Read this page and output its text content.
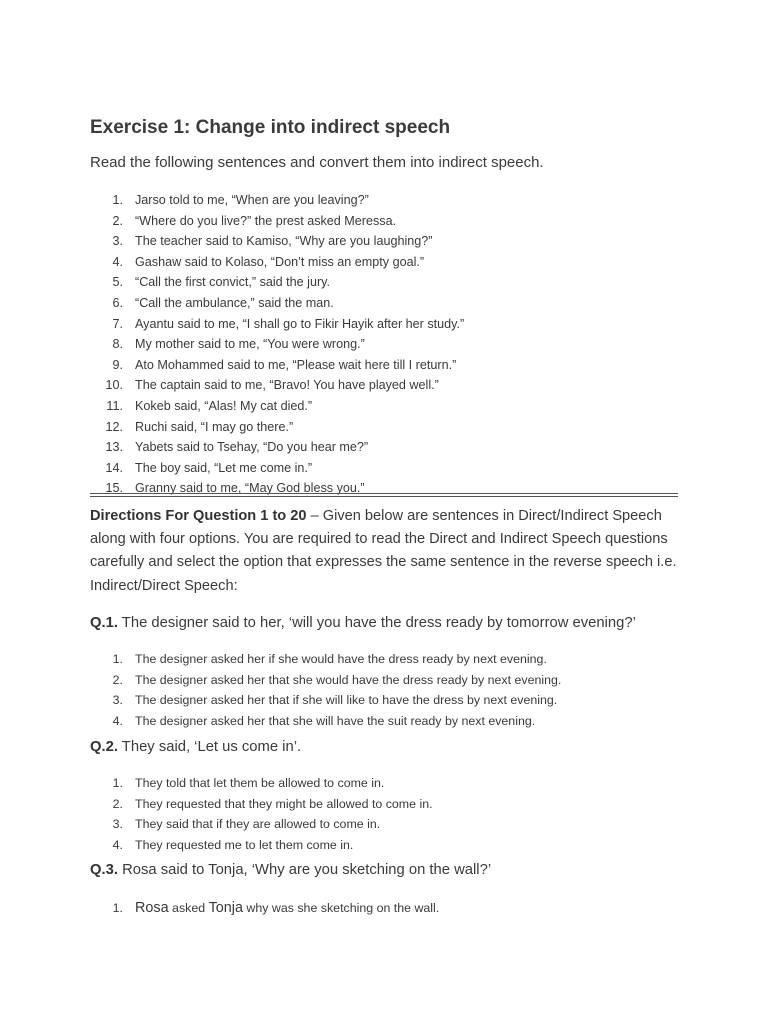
Exercise 1: Change into indirect speech
Read the following sentences and convert them into indirect speech.
1. Jarso told to me, “When are you leaving?”
2. “Where do you live?” the prest asked Meressa.
3. The teacher said to Kamiso, “Why are you laughing?”
4. Gashaw said to Kolaso, “Don’t miss an empty goal.”
5. “Call the first convict,” said the jury.
6. “Call the ambulance,” said the man.
7. Ayantu said to me, “I shall go to Fikir Hayik after her study.”
8. My mother said to me, “You were wrong.”
9. Ato Mohammed said to me, “Please wait here till I return.”
10. The captain said to me, “Bravo! You have played well.”
11. Kokeb said, “Alas! My cat died.”
12. Ruchi said, “I may go there.”
13. Yabets said to Tsehay, “Do you hear me?”
14. The boy said, “Let me come in.”
15. Granny said to me, “May God bless you.”
Directions For Question 1 to 20 – Given below are sentences in Direct/Indirect Speech along with four options. You are required to read the Direct and Indirect Speech questions carefully and select the option that expresses the same sentence in the reverse speech i.e. Indirect/Direct Speech:
Q.1. The designer said to her, ‘will you have the dress ready by tomorrow evening?’
1. The designer asked her if she would have the dress ready by next evening.
2. The designer asked her that she would have the dress ready by next evening.
3. The designer asked her that if she will like to have the dress by next evening.
4. The designer asked her that she will have the suit ready by next evening.
Q.2. They said, ‘Let us come in’.
1. They told that let them be allowed to come in.
2. They requested that they might be allowed to come in.
3. They said that if they are allowed to come in.
4. They requested me to let them come in.
Q.3. Rosa said to Tonja, ‘Why are you sketching on the wall?’
1. Rosa asked Tonja why was she sketching on the wall.
